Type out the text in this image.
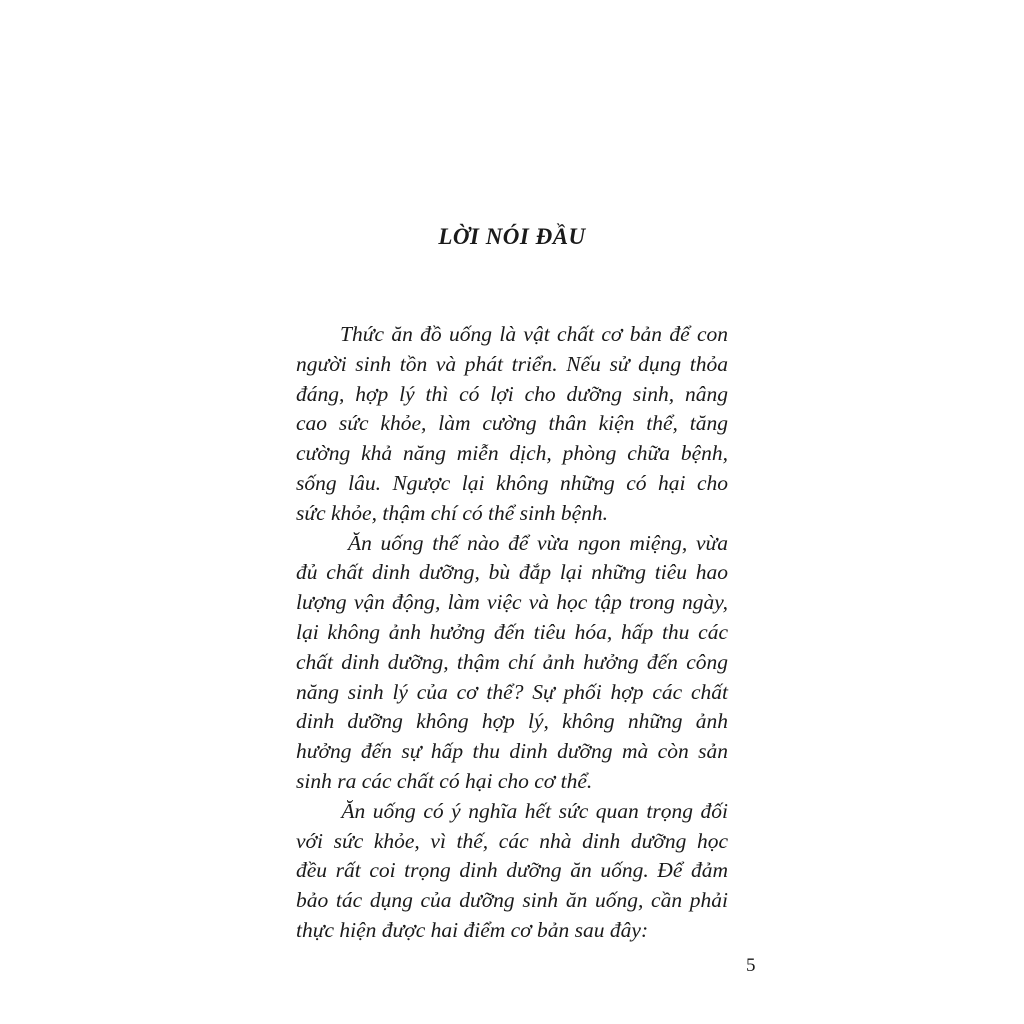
LỜI NÓI ĐẦU
Thức ăn đồ uống là vật chất cơ bản để con
người sinh tồn và phát triển. Nếu sử dụng thỏa
đáng, hợp lý thì có lợi cho dưỡng sinh, nâng
cao sức khỏe, làm cường thân kiện thể, tăng
cường khả năng miễn dịch, phòng chữa bệnh,
sống lâu. Ngược lại không những có hại cho
sức khỏe, thậm chí có thể sinh bệnh.
Ăn uống thế nào để vừa ngon miệng, vừa
đủ chất dinh dưỡng, bù đắp lại những tiêu hao
lượng vận động, làm việc và học tập trong ngày,
lại không ảnh hưởng đến tiêu hóa, hấp thu các
chất dinh dưỡng, thậm chí ảnh hưởng đến công
năng sinh lý của cơ thể? Sự phối hợp các chất
dinh dưỡng không hợp lý, không những ảnh
hưởng đến sự hấp thu dinh dưỡng mà còn sản
sinh ra các chất có hại cho cơ thể.
Ăn uống có ý nghĩa hết sức quan trọng đối
với sức khỏe, vì thế, các nhà dinh dưỡng học
đều rất coi trọng dinh dưỡng ăn uống. Để đảm
bảo tác dụng của dưỡng sinh ăn uống, cần phải
thực hiện được hai điểm cơ bản sau đây:
5
